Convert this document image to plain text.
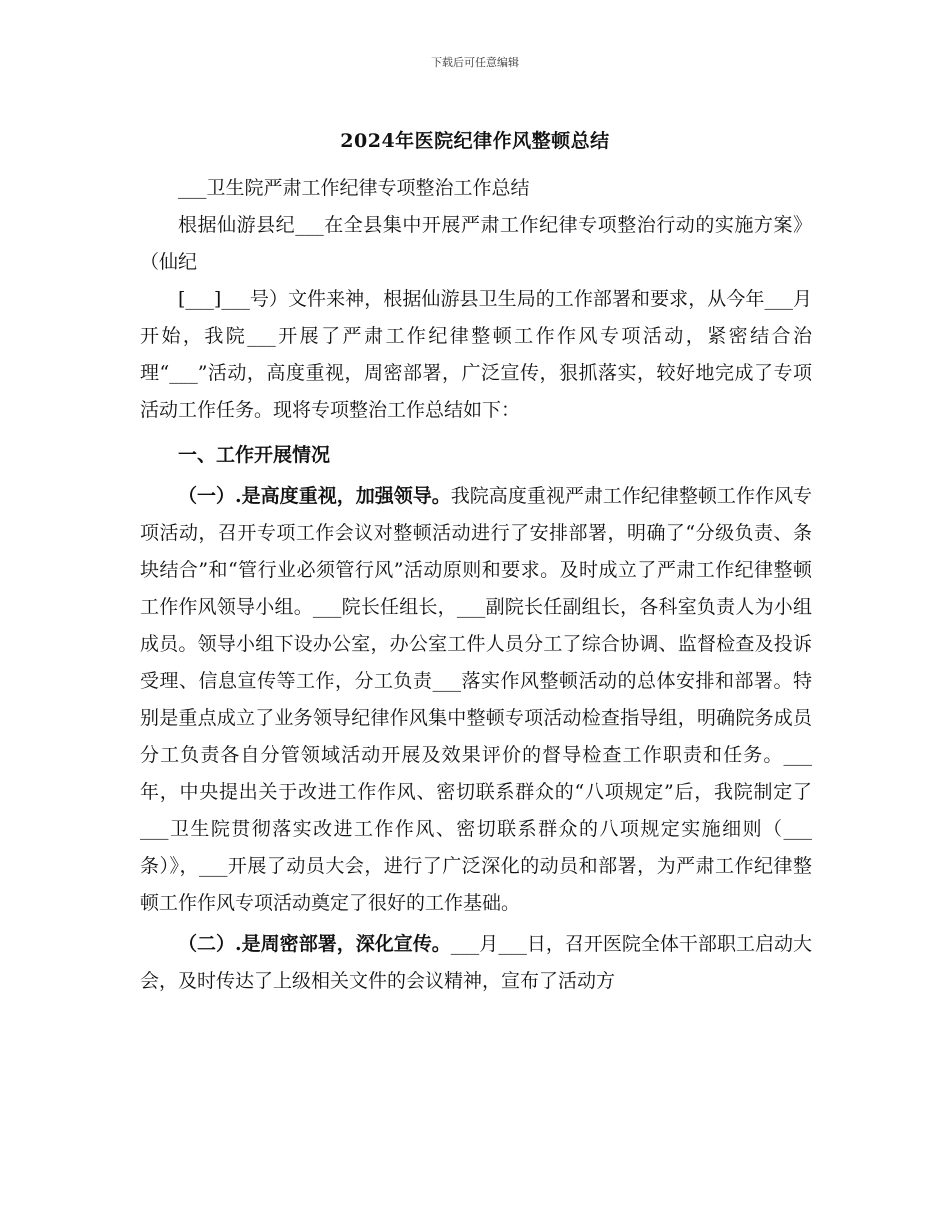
下载后可任意编辑
2024年医院纪律作风整顿总结

___卫生院严肃工作纪律专项整治工作总结

根据仙游县纪___在全县集中开展严肃工作纪律专项整治行动的实施方案》（仙纪

[___]___号）文件来神，根据仙游县卫生局的工作部署和要求，从今年___月开始，我院___开展了严肃工作纪律整顿工作作风专项活动，紧密结合治理“___”活动，高度重视，周密部署，广泛宣传，狠抓落实，较好地完成了专项活动工作任务。现将专项整治工作总结如下：

一、工作开展情况

（一）.是高度重视，加强领导。我院高度重视严肃工作纪律整顿工作作风专项活动，召开专项工作会议对整顿活动进行了安排部署，明确了“分级负责、条块结合”和“管行业必须管行风”活动原则和要求。及时成立了严肃工作纪律整顿工作作风领导小组。___院长任组长，___副院长任副组长，各科室负责人为小组成员。领导小组下设办公室，办公室工件人员分工了综合协调、监督检查及投诉受理、信息宣传等工作，分工负责___落实作风整顿活动的总体安排和部署。特别是重点成立了业务领导纪律作风集中整顿专项活动检查指导组，明确院务成员分工负责各自分管领域活动开展及效果评价的督导检查工作职责和任务。___年，中央提出关于改进工作作风、密切联系群众的“八项规定”后，我院制定了___卫生院贯彻落实改进工作作风、密切联系群众的八项规定实施细则（___条）》，___开展了动员大会，进行了广泛深化的动员和部署，为严肃工作纪律整顿工作作风专项活动奠定了很好的工作基础。

（二）.是周密部署，深化宣传。___月___日，召开医院全体干部职工启动大会，及时传达了上级相关文件的会议精神，宣布了活动方
